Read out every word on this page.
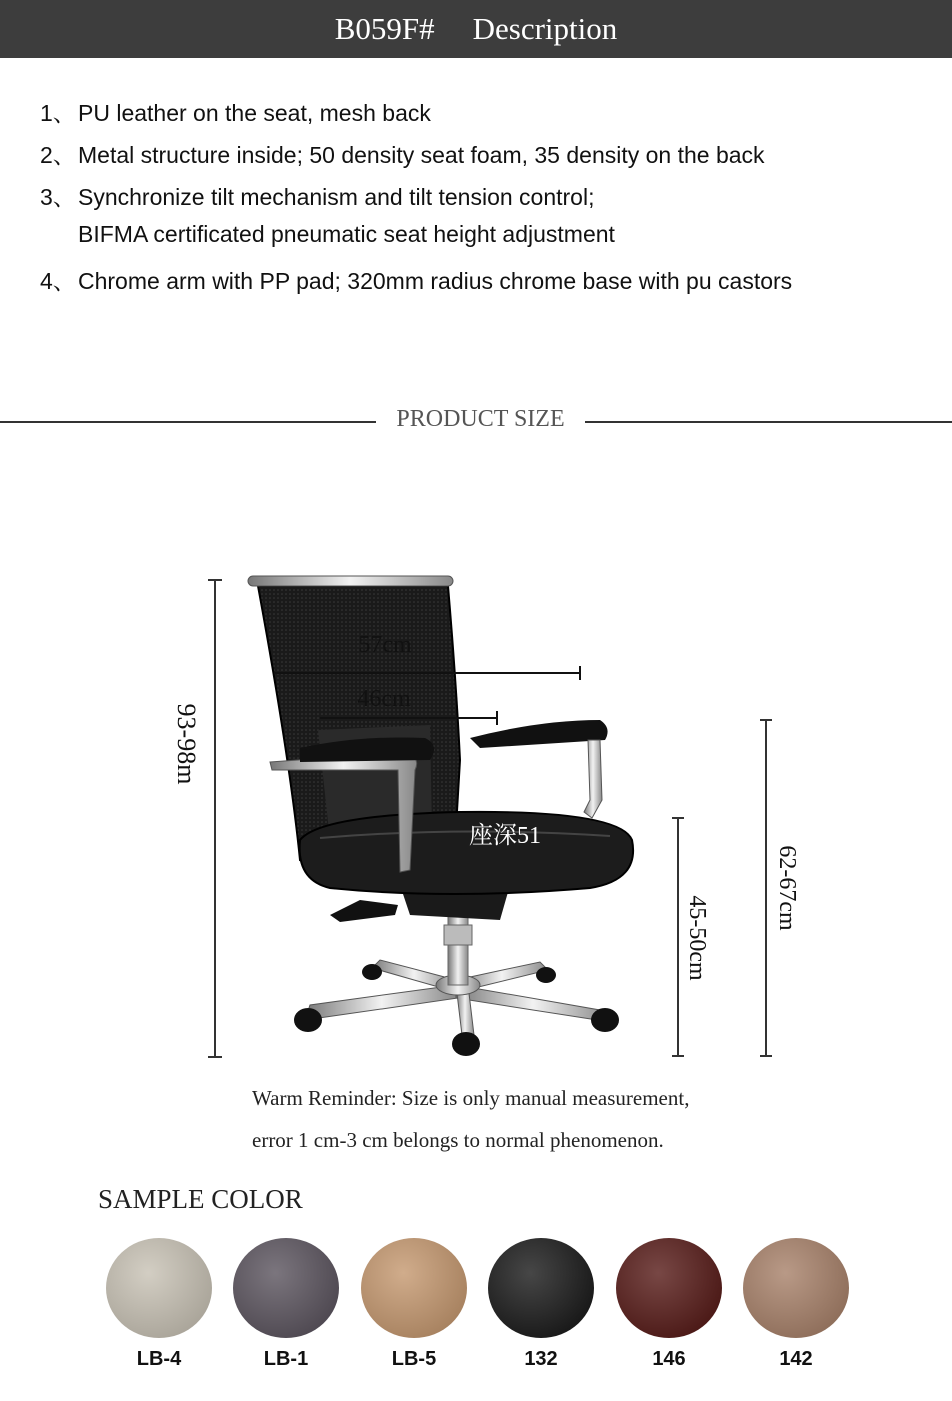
B059F# Description
1、PU leather on the seat, mesh back
2、Metal structure inside; 50 density seat foam, 35 density on the back
3、Synchronize tilt mechanism and tilt tension control;
BIFMA certificated pneumatic seat height adjustment
4、Chrome arm with PP pad; 320mm radius chrome base with pu castors
PRODUCT SIZE
93-98m
57cm
46cm
座深51
45-50cm
62-67cm
Warm Reminder: Size is only manual measurement,
error 1 cm-3 cm belongs to normal phenomenon.
SAMPLE COLOR
LB-4	LB-1	LB-5	132	146	142
